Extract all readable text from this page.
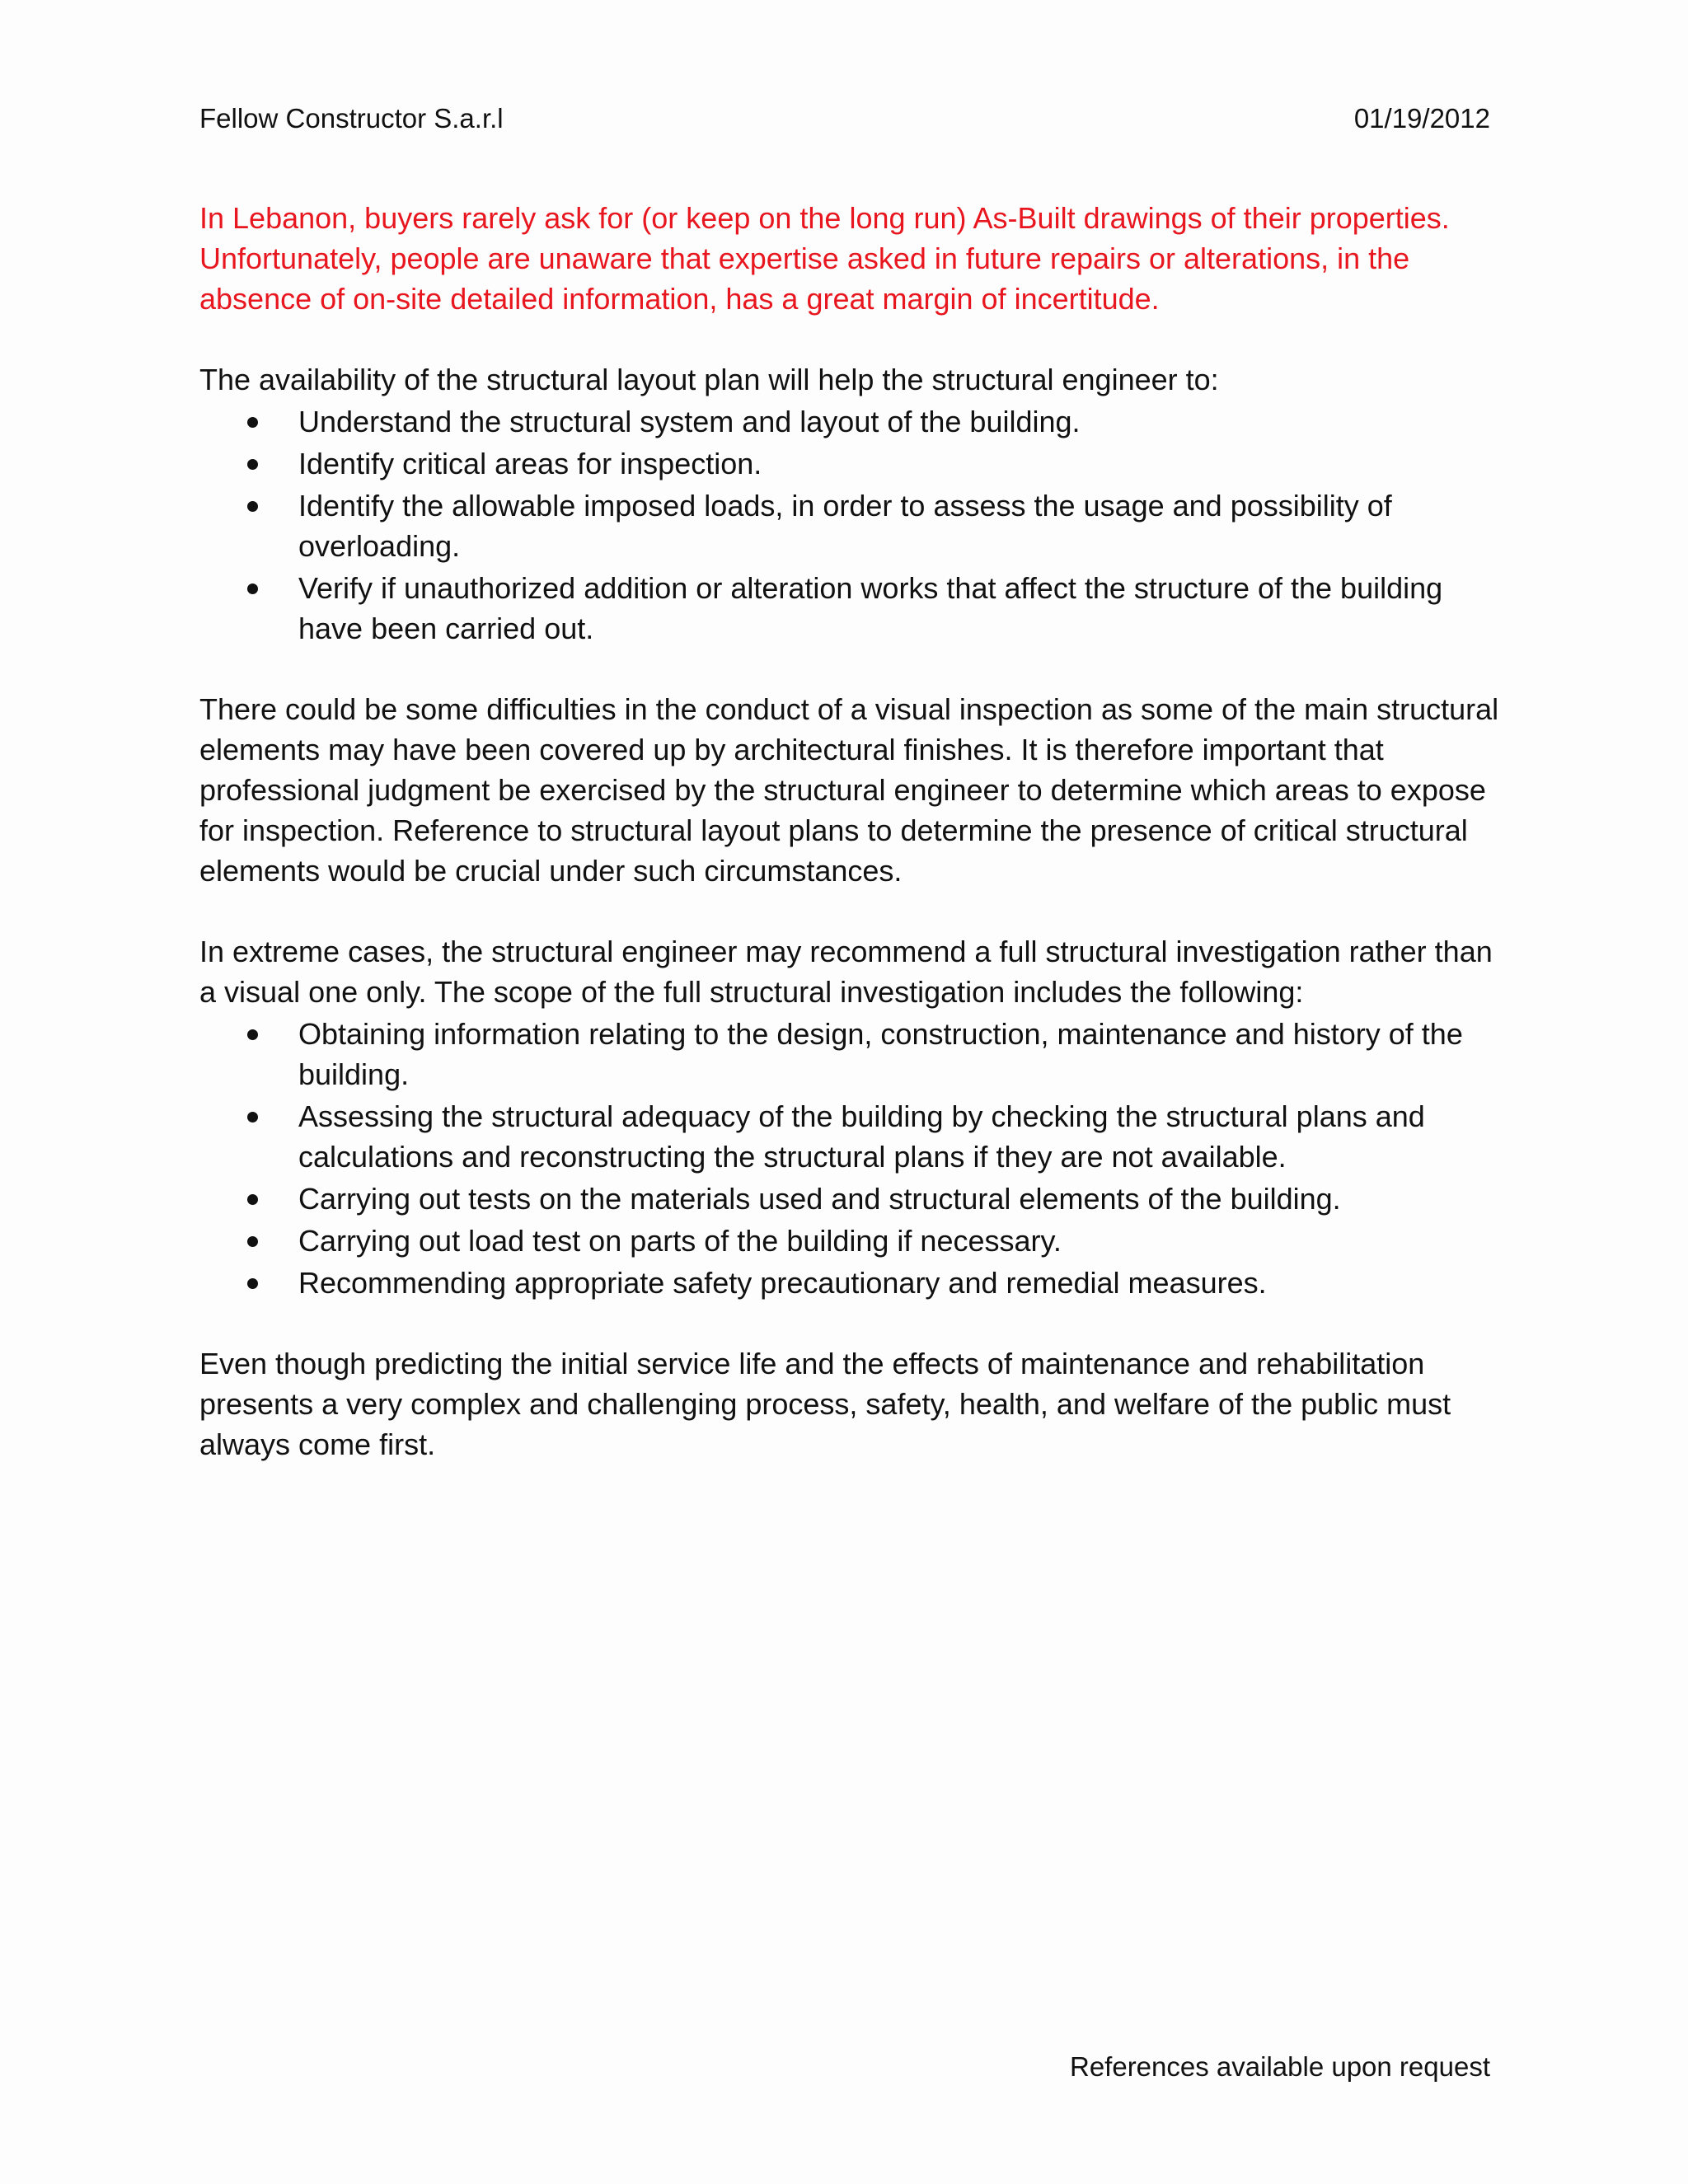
Fellow Constructor S.a.r.l	01/19/2012

In Lebanon, buyers rarely ask for (or keep on the long run) As-Built drawings of their properties. Unfortunately, people are unaware that expertise asked in future repairs or alterations, in the absence of on-site detailed information, has a great margin of incertitude.

The availability of the structural layout plan will help the structural engineer to:

Understand the structural system and layout of the building.
Identify critical areas for inspection.
Identify the allowable imposed loads, in order to assess the usage and possibility of overloading.
Verify if unauthorized addition or alteration works that affect the structure of the building have been carried out.

There could be some difficulties in the conduct of a visual inspection as some of the main structural elements may have been covered up by architectural finishes. It is therefore important that professional judgment be exercised by the structural engineer to determine which areas to expose for inspection. Reference to structural layout plans to determine the presence of critical structural elements would be crucial under such circumstances.

In extreme cases, the structural engineer may recommend a full structural investigation rather than a visual one only. The scope of the full structural investigation includes the following:

Obtaining information relating to the design, construction, maintenance and history of the building.
Assessing the structural adequacy of the building by checking the structural plans and calculations and reconstructing the structural plans if they are not available.
Carrying out tests on the materials used and structural elements of the building.
Carrying out load test on parts of the building if necessary.
Recommending appropriate safety precautionary and remedial measures.

Even though predicting the initial service life and the effects of maintenance and rehabilitation presents a very complex and challenging process, safety, health, and welfare of the public must always come first.

References available upon request
